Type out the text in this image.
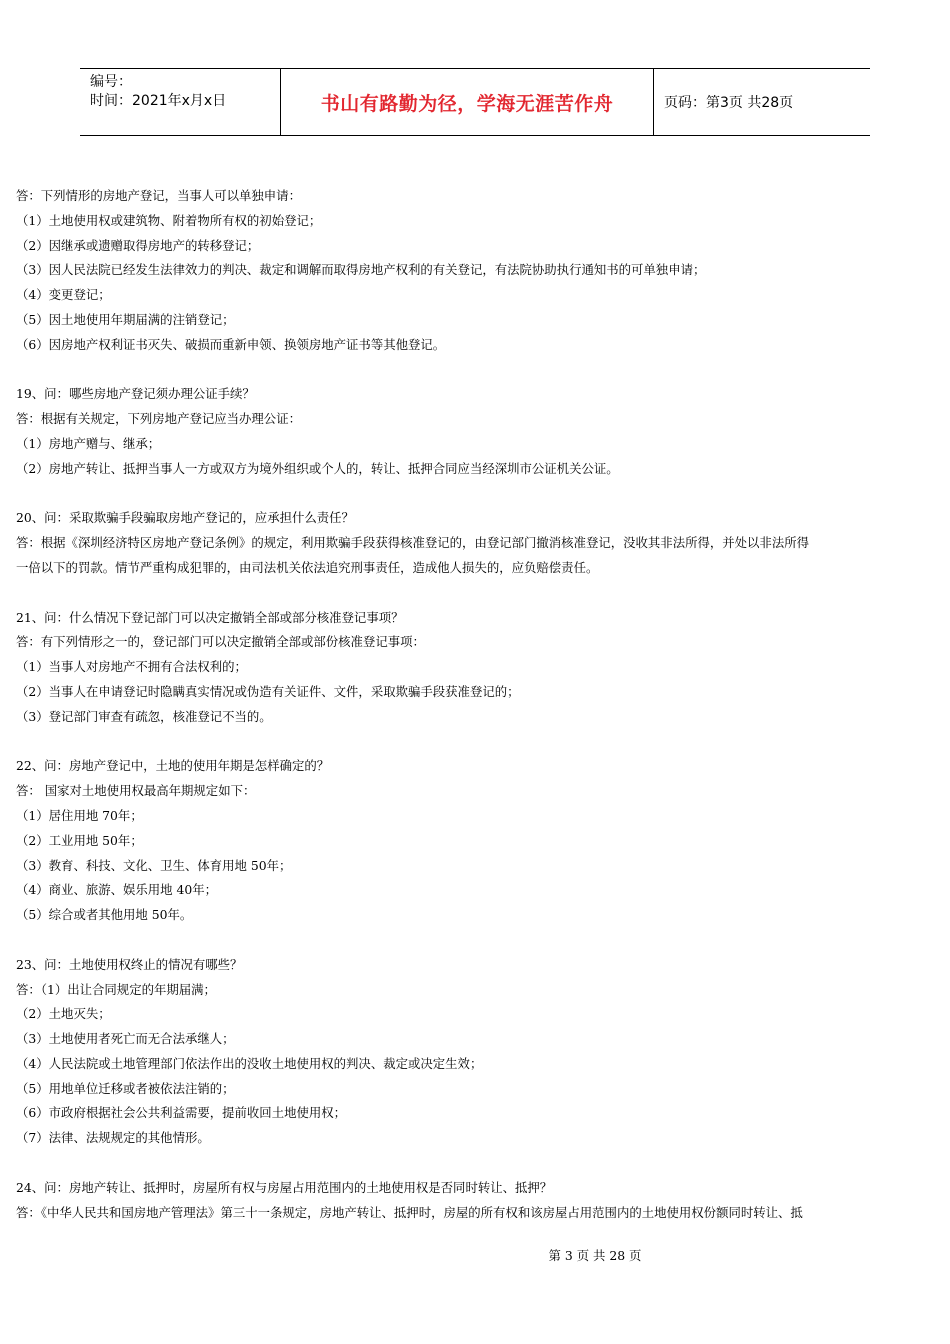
编号：
时间：2021年x月x日	书山有路勤为径，学海无涯苦作舟	页码：第3页 共28页
答：下列情形的房地产登记，当事人可以单独申请：
（1）土地使用权或建筑物、附着物所有权的初始登记；
（2）因继承或遗赠取得房地产的转移登记；
（3）因人民法院已经发生法律效力的判决、裁定和调解而取得房地产权利的有关登记，有法院协助执行通知书的可单独申请；
（4）变更登记；
（5）因土地使用年期届满的注销登记；
（6）因房地产权利证书灭失、破损而重新申领、换领房地产证书等其他登记。
19、问：哪些房地产登记须办理公证手续？
答：根据有关规定，下列房地产登记应当办理公证：
（1）房地产赠与、继承；
（2）房地产转让、抵押当事人一方或双方为境外组织或个人的，转让、抵押合同应当经深圳市公证机关公证。
20、问：采取欺骗手段骗取房地产登记的，应承担什么责任？
答：根据《深圳经济特区房地产登记条例》的规定，利用欺骗手段获得核准登记的，由登记部门撤消核准登记，没收其非法所得，并处以非法所得
一倍以下的罚款。情节严重构成犯罪的，由司法机关依法追究刑事责任，造成他人损失的，应负赔偿责任。
21、问：什么情况下登记部门可以决定撤销全部或部分核准登记事项？
答：有下列情形之一的，登记部门可以决定撤销全部或部份核准登记事项：
（1）当事人对房地产不拥有合法权利的；
（2）当事人在申请登记时隐瞒真实情况或伪造有关证件、文件，采取欺骗手段获准登记的；
（3）登记部门审查有疏忽，核准登记不当的。
22、问：房地产登记中，土地的使用年期是怎样确定的？
答： 国家对土地使用权最高年期规定如下：
（1）居住用地 70年；
（2）工业用地 50年；
（3）教育、科技、文化、卫生、体育用地 50年；
（4）商业、旅游、娱乐用地 40年；
（5）综合或者其他用地 50年。
23、问：土地使用权终止的情况有哪些？
答：（1）出让合同规定的年期届满；
（2）土地灭失；
（3）土地使用者死亡而无合法承继人；
（4）人民法院或土地管理部门依法作出的没收土地使用权的判决、裁定或决定生效；
（5）用地单位迁移或者被依法注销的；
（6）市政府根据社会公共利益需要，提前收回土地使用权；
（7）法律、法规规定的其他情形。
24、问：房地产转让、抵押时，房屋所有权与房屋占用范围内的土地使用权是否同时转让、抵押？
答：《中华人民共和国房地产管理法》第三十一条规定，房地产转让、抵押时，房屋的所有权和该房屋占用范围内的土地使用权份额同时转让、抵
第 3 页 共 28 页
